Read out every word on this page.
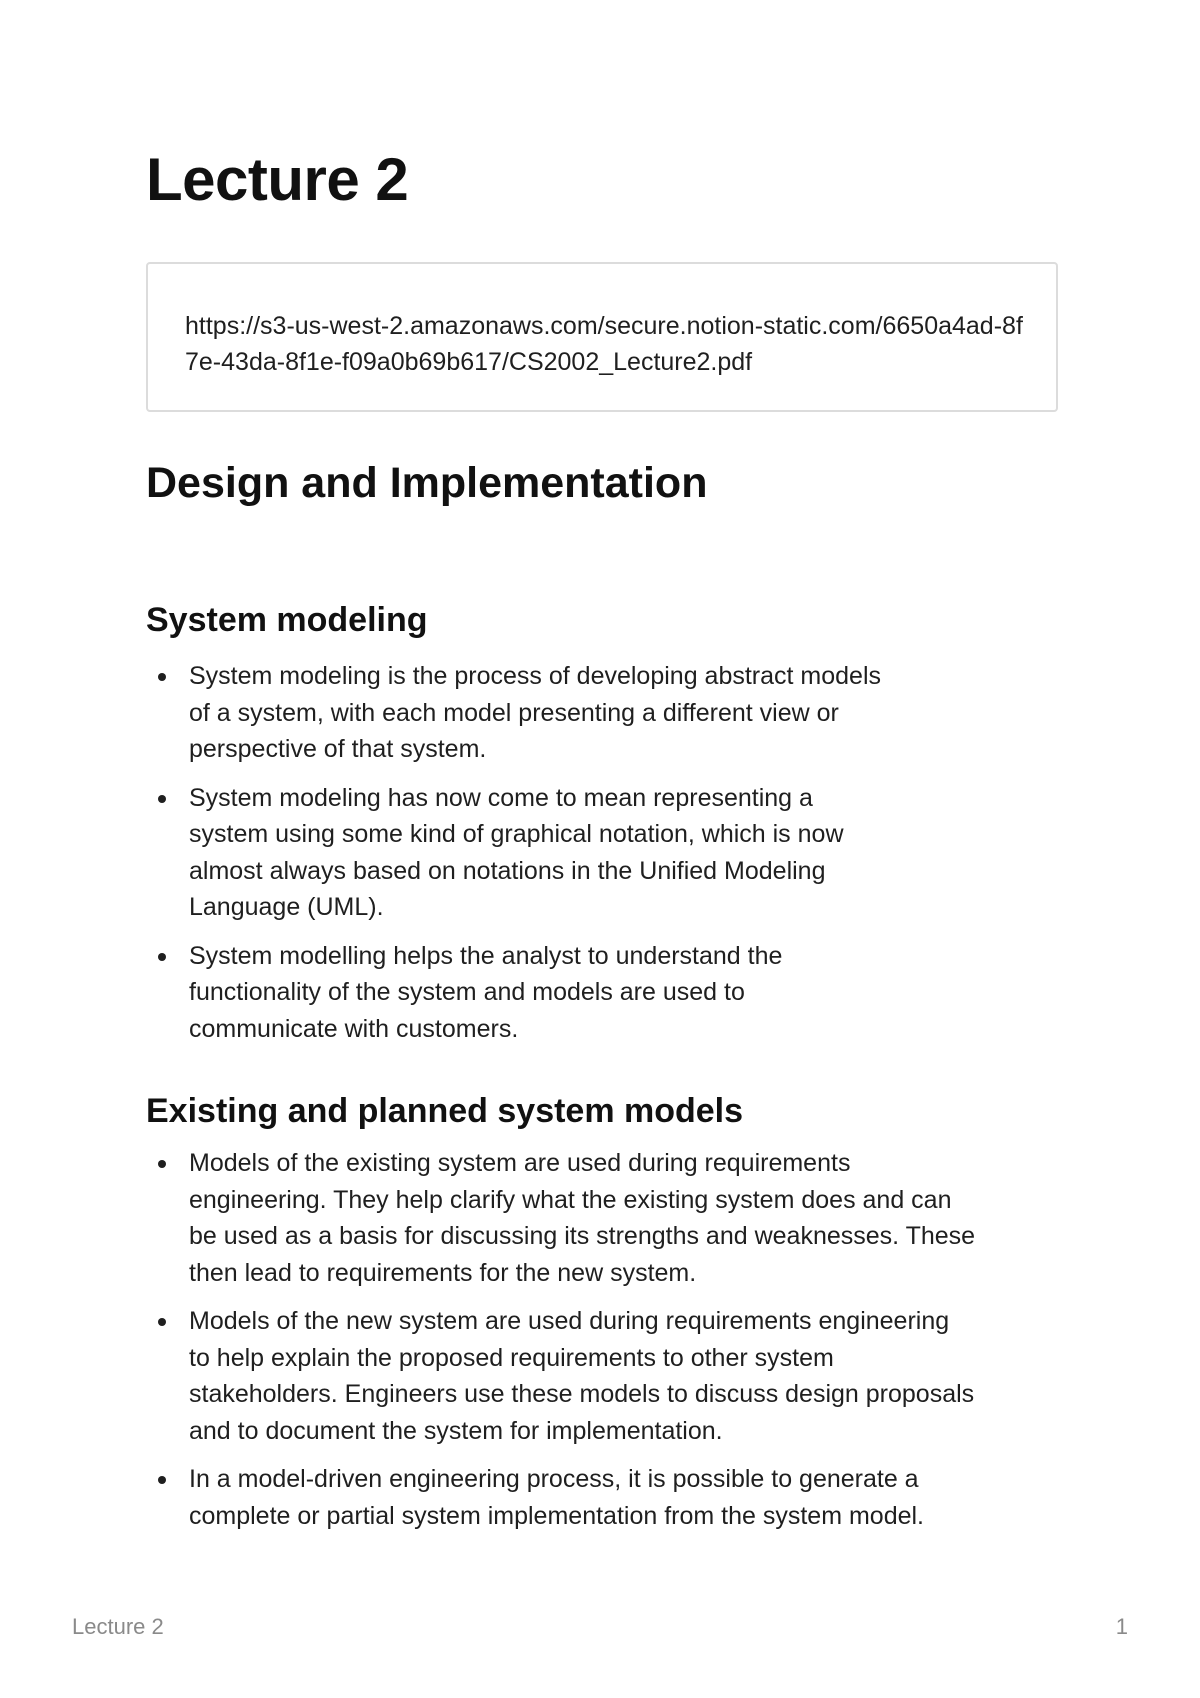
Lecture 2
https://s3-us-west-2.amazonaws.com/secure.notion-static.com/6650a4ad-8f7e-43da-8f1e-f09a0b69b617/CS2002_Lecture2.pdf
Design and Implementation
System modeling
System modeling is the process of developing abstract models of a system, with each model presenting a different view or perspective of that system.
System modeling has now come to mean representing a system using some kind of graphical notation, which is now almost always based on notations in the Unified Modeling Language (UML).
System modelling helps the analyst to understand the functionality of the system and models are used to communicate with customers.
Existing and planned system models
Models of the existing system are used during requirements engineering. They help clarify what the existing system does and can be used as a basis for discussing its strengths and weaknesses. These then lead to requirements for the new system.
Models of the new system are used during requirements engineering to help explain the proposed requirements to other system stakeholders. Engineers use these models to discuss design proposals and to document the system for implementation.
In a model-driven engineering process, it is possible to generate a complete or partial system implementation from the system model.
Lecture 2	1
